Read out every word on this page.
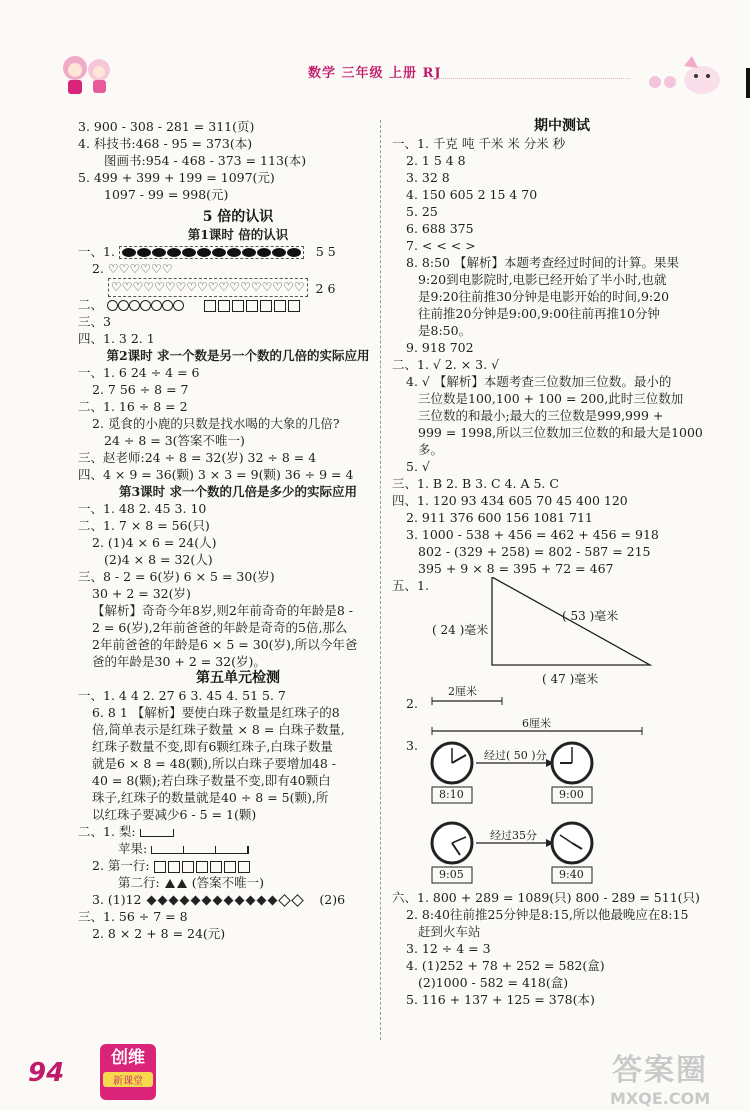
数学 三年级 上册 RJ
3. 900 - 308 - 281 = 311(页)
4. 科技书:468 - 95 = 373(本)
图画书:954 - 468 - 373 = 113(本)
5. 499 + 399 + 199 = 1097(元)
1097 - 99 = 998(元)
5 倍的认识
第1课时 倍的认识
一、1.	5 5
2. ♡♡♡♡♡♡
♡♡♡♡♡♡♡♡♡♡♡♡♡♡♡♡♡♡ 2 6
二、
三、3
四、1. 3 2. 1
第2课时 求一个数是另一个数的几倍的实际应用
一、1. 6 24 ÷ 4 = 6
2. 7 56 ÷ 8 = 7
二、1. 16 ÷ 8 = 2
2. 觅食的小鹿的只数是找水喝的大象的几倍?
24 ÷ 8 = 3(答案不唯一)
三、赵老师:24 ÷ 8 = 32(岁) 32 ÷ 8 = 4
四、4 × 9 = 36(颗) 3 × 3 = 9(颗) 36 ÷ 9 = 4
第3课时 求一个数的几倍是多少的实际应用
一、1. 48 2. 45 3. 10
二、1. 7 × 8 = 56(只)
2. (1)4 × 6 = 24(人)
(2)4 × 8 = 32(人)
三、8 - 2 = 6(岁) 6 × 5 = 30(岁)
30 + 2 = 32(岁)
【解析】奇奇今年8岁,则2年前奇奇的年龄是8 -
2 = 6(岁),2年前爸爸的年龄是奇奇的5倍,那么
2年前爸爸的年龄是6 × 5 = 30(岁),所以今年爸
爸的年龄是30 + 2 = 32(岁)。
第五单元检测
一、1. 4 4 2. 27 6 3. 45 4. 51 5. 7
6. 8 1 【解析】要使白珠子数量是红珠子的8
倍,简单表示是红珠子数量 × 8 = 白珠子数量,
红珠子数量不变,即有6颗红珠子,白珠子数量
就是6 × 8 = 48(颗),所以白珠子要增加48 -
40 = 8(颗);若白珠子数量不变,即有40颗白
珠子,红珠子的数量就是40 ÷ 8 = 5(颗),所
以红珠子要减少6 - 5 = 1(颗)
二、1. 梨:
苹果:
2. 第一行:
第二行:	(答案不唯一)
3. (1)12	(2)6
三、1. 56 ÷ 7 = 8
2. 8 × 2 + 8 = 24(元)
期中测试
一、1. 千克 吨 千米 米 分米 秒
2. 1 5 4 8
3. 32 8
4. 150 605 2 15 4 70
5. 25
6. 688 375
7. < < < >
8. 8:50 【解析】本题考查经过时间的计算。果果
9:20到电影院时,电影已经开始了半小时,也就
是9:20往前推30分钟是电影开始的时间,9:20
往前推20分钟是9:00,9:00往前再推10分钟
是8:50。
9. 918 702
二、1. √ 2. × 3. √
4. √ 【解析】本题考查三位数加三位数。最小的
三位数是100,100 + 100 = 200,此时三位数加
三位数的和最小;最大的三位数是999,999 +
999 = 1998,所以三位数加三位数的和最大是1000
多。
5. √
三、1. B 2. B 3. C 4. A 5. C
四、1. 120 93 434 605 70 45 400 120
2. 911 376 600 156 1081 711
3. 1000 - 538 + 456 = 462 + 456 = 918
802 - (329 + 258) = 802 - 587 = 215
395 + 9 × 8 = 395 + 72 = 467
五、1.
( 24 )毫米
( 53 )毫米
( 47 )毫米
2.
2厘米
6厘米
3.
经过( 50 )分
经过35分
8:10	9:00
9:05	9:40
六、1. 800 + 289 = 1089(只) 800 - 289 = 511(只)
2. 8:40往前推25分钟是8:15,所以他最晚应在8:15
赶到火车站
3. 12 ÷ 4 = 3
4. (1)252 + 78 + 252 = 582(盒)
(2)1000 - 582 = 418(盒)
5. 116 + 137 + 125 = 378(本)
94	创维
新课堂	答案圈
MXQE.COM
